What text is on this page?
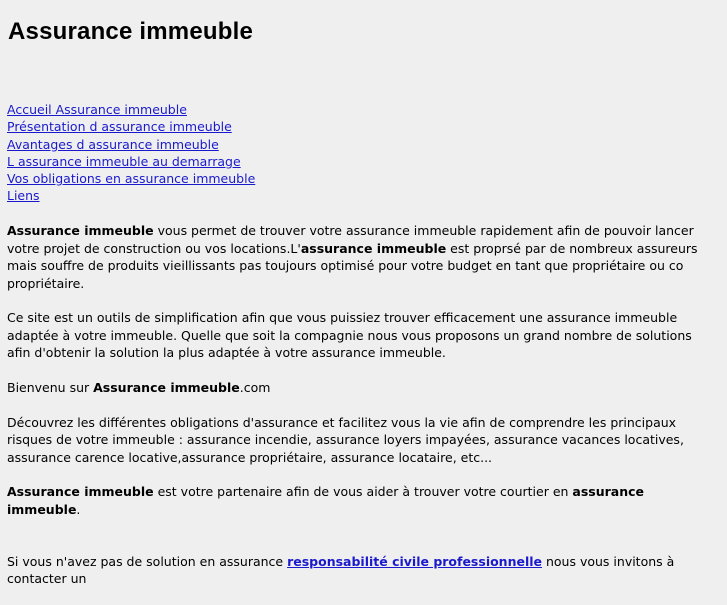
Assurance immeuble
Accueil Assurance immeuble
Présentation d assurance immeuble
Avantages d assurance immeuble
L assurance immeuble au demarrage
Vos obligations en assurance immeuble
Liens

Assurance immeuble vous permet de trouver votre assurance immeuble rapidement afin de pouvoir lancer votre projet de construction ou vos locations.L'assurance immeuble est proprsé par de nombreux assureurs mais souffre de produits vieillissants pas toujours optimisé pour votre budget en tant que propriétaire ou co propriétaire.

Ce site est un outils de simplification afin que vous puissiez trouver efficacement une assurance immeuble adaptée à votre immeuble. Quelle que soit la compagnie nous vous proposons un grand nombre de solutions afin d'obtenir la solution la plus adaptée à votre assurance immeuble.

Bienvenu sur Assurance immeuble.com

Découvrez les différentes obligations d'assurance et facilitez vous la vie afin de comprendre les principaux risques de votre immeuble : assurance incendie, assurance loyers impayées, assurance vacances locatives, assurance carence locative,assurance propriétaire, assurance locataire, etc...

Assurance immeuble est votre partenaire afin de vous aider à trouver votre courtier en assurance immeuble.

Si vous n'avez pas de solution en assurance responsabilité civile professionnelle nous vous invitons à contacter un
